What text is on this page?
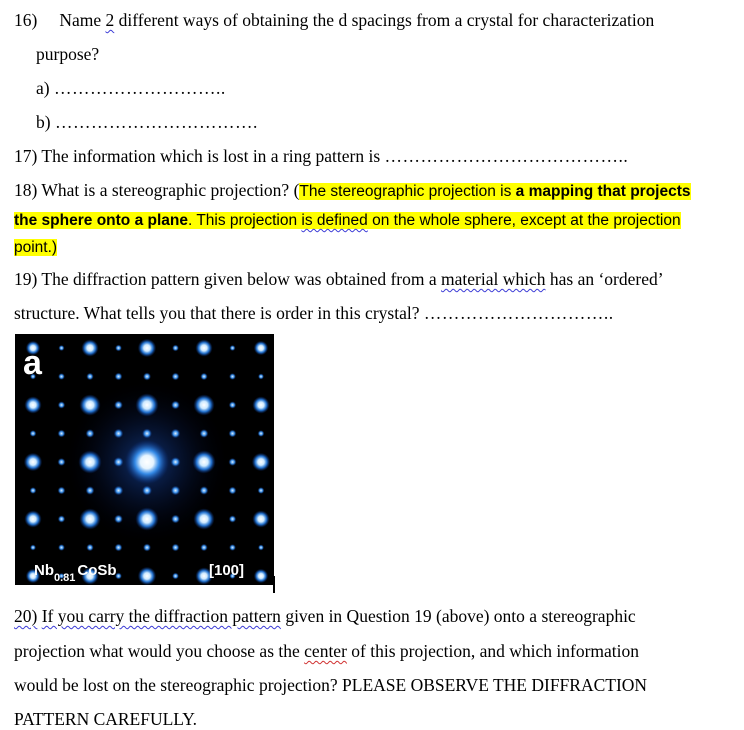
16) Name 2 different ways of obtaining the d spacings from a crystal for characterization
purpose?
a) ………………………..
b) …………………………….
17) The information which is lost in a ring pattern is …………………………………..
18) What is a stereographic projection? (The stereographic projection is a mapping that projects
the sphere onto a plane. This projection is defined on the whole sphere, except at the projection
point.)
19) The diffraction pattern given below was obtained from a material which has an ‘ordered’
structure. What tells you that there is order in this crystal? …………………………..
a
$Nb_{0.81}$ CoSb	[100]
20) If you carry the diffraction pattern given in Question 19 (above) onto a stereographic
projection what would you choose as the center of this projection, and which information
would be lost on the stereographic projection? PLEASE OBSERVE THE DIFFRACTION
PATTERN CAREFULLY.
